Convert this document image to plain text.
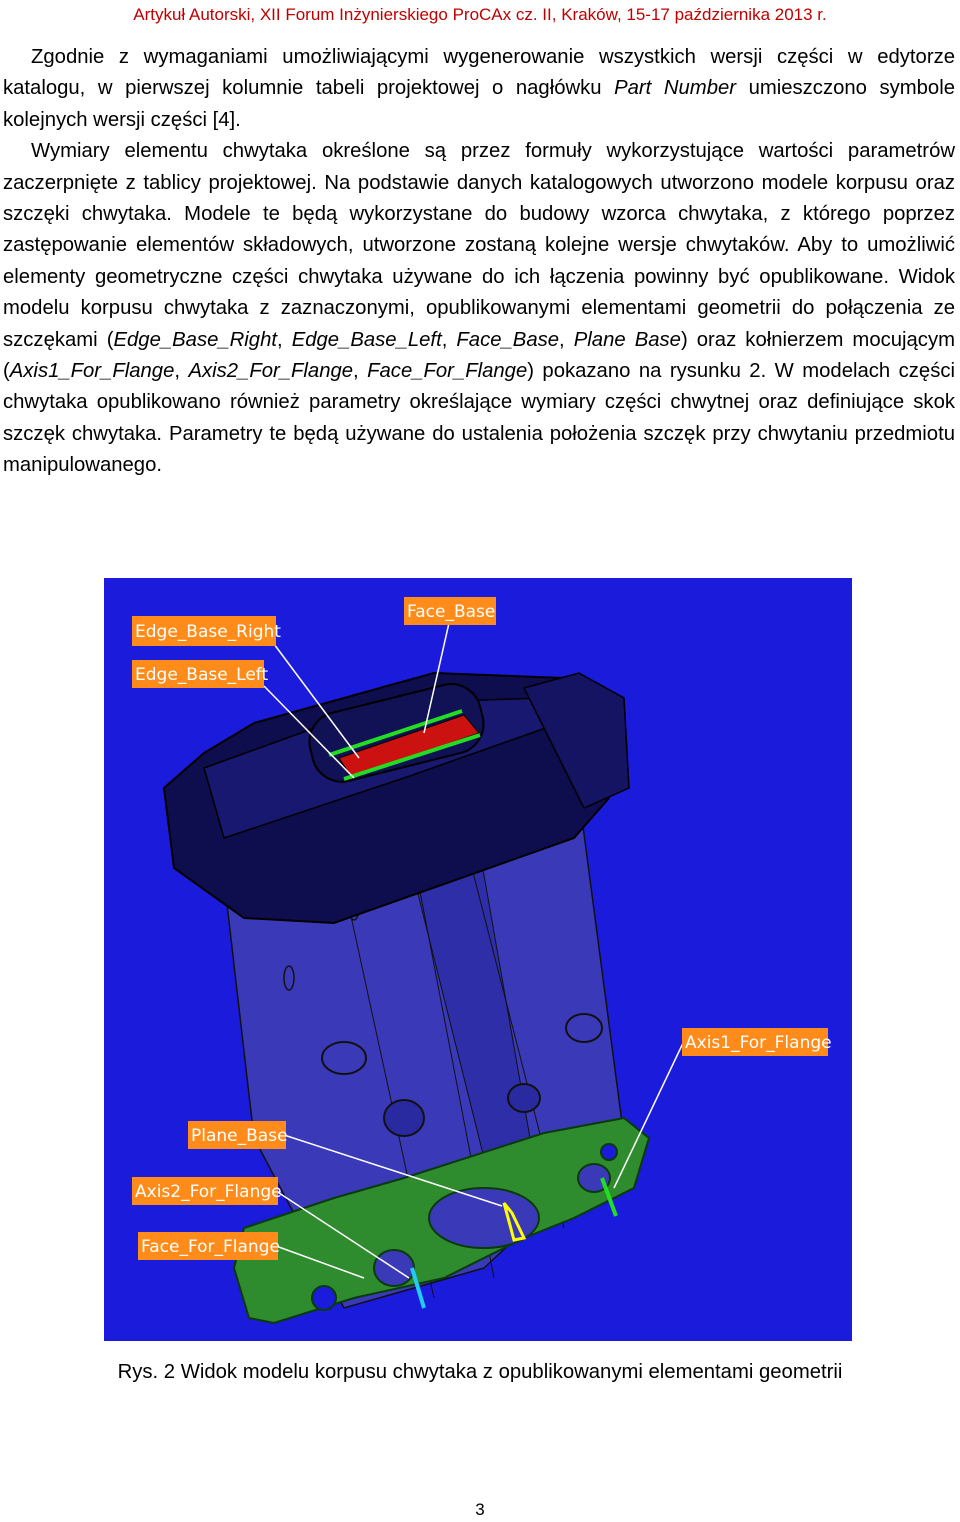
Artykuł Autorski, XII Forum Inżynierskiego ProCAx cz. II, Kraków, 15-17 października 2013 r.

Zgodnie z wymaganiami umożliwiającymi wygenerowanie wszystkich wersji części w edytorze katalogu, w pierwszej kolumnie tabeli projektowej o nagłówku Part Number umieszczono symbole kolejnych wersji części [4].

Wymiary elementu chwytaka określone są przez formuły wykorzystujące wartości parametrów zaczerpnięte z tablicy projektowej. Na podstawie danych katalogowych utworzono modele korpusu oraz szczęki chwytaka. Modele te będą wykorzystane do budowy wzorca chwytaka, z którego poprzez zastępowanie elementów składowych, utworzone zostaną kolejne wersje chwytaków. Aby to umożliwić elementy geometryczne części chwytaka używane do ich łączenia powinny być opublikowane. Widok modelu korpusu chwytaka z zaznaczonymi, opublikowanymi elementami geometrii do połączenia ze szczękami (Edge_Base_Right, Edge_Base_Left, Face_Base, Plane Base) oraz kołnierzem mocującym (Axis1_For_Flange, Axis2_For_Flange, Face_For_Flange) pokazano na rysunku 2. W modelach części chwytaka opublikowano również parametry określające wymiary części chwytnej oraz definiujące skok szczęk chwytaka. Parametry te będą używane do ustalenia położenia szczęk przy chwytaniu przedmiotu manipulowanego.

Edge_Base_Right
Edge_Base_Left
Face_Base
Axis1_For_Flange
Plane_Base
Axis2_For_Flange
Face_For_Flange
Rys. 2 Widok modelu korpusu chwytaka z opublikowanymi elementami geometrii
3
